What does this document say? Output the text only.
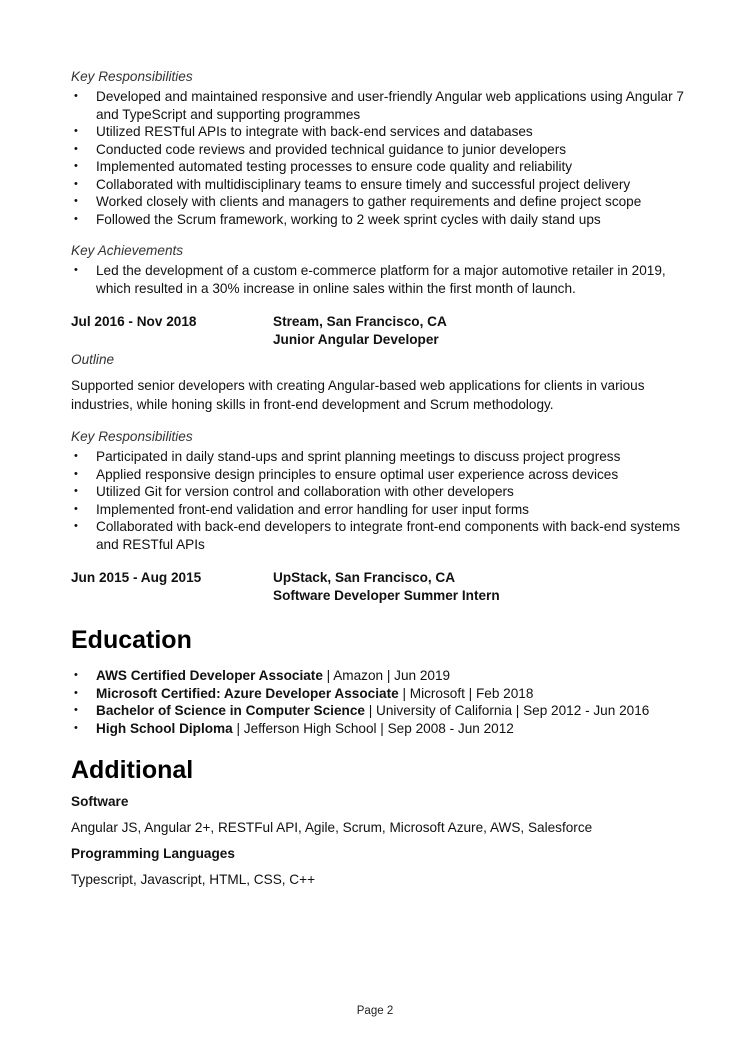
Key Responsibilities
• Developed and maintained responsive and user-friendly Angular web applications using Angular 7 and TypeScript and supporting programmes
• Utilized RESTful APIs to integrate with back-end services and databases
• Conducted code reviews and provided technical guidance to junior developers
• Implemented automated testing processes to ensure code quality and reliability
• Collaborated with multidisciplinary teams to ensure timely and successful project delivery
• Worked closely with clients and managers to gather requirements and define project scope
• Followed the Scrum framework, working to 2 week sprint cycles with daily stand ups
Key Achievements
• Led the development of a custom e-commerce platform for a major automotive retailer in 2019, which resulted in a 30% increase in online sales within the first month of launch.
Jul 2016 - Nov 2018	Stream, San Francisco, CA
Junior Angular Developer
Outline
Supported senior developers with creating Angular-based web applications for clients in various industries, while honing skills in front-end development and Scrum methodology.
Key Responsibilities
• Participated in daily stand-ups and sprint planning meetings to discuss project progress
• Applied responsive design principles to ensure optimal user experience across devices
• Utilized Git for version control and collaboration with other developers
• Implemented front-end validation and error handling for user input forms
• Collaborated with back-end developers to integrate front-end components with back-end systems and RESTful APIs
Jun 2015 - Aug 2015	UpStack, San Francisco, CA
Software Developer Summer Intern
Education
• AWS Certified Developer Associate | Amazon | Jun 2019
• Microsoft Certified: Azure Developer Associate | Microsoft | Feb 2018
• Bachelor of Science in Computer Science | University of California | Sep 2012 - Jun 2016
• High School Diploma | Jefferson High School | Sep 2008 - Jun 2012
Additional
Software
Angular JS, Angular 2+, RESTFul API, Agile, Scrum, Microsoft Azure, AWS, Salesforce
Programming Languages
Typescript, Javascript, HTML, CSS, C++
Page 2
